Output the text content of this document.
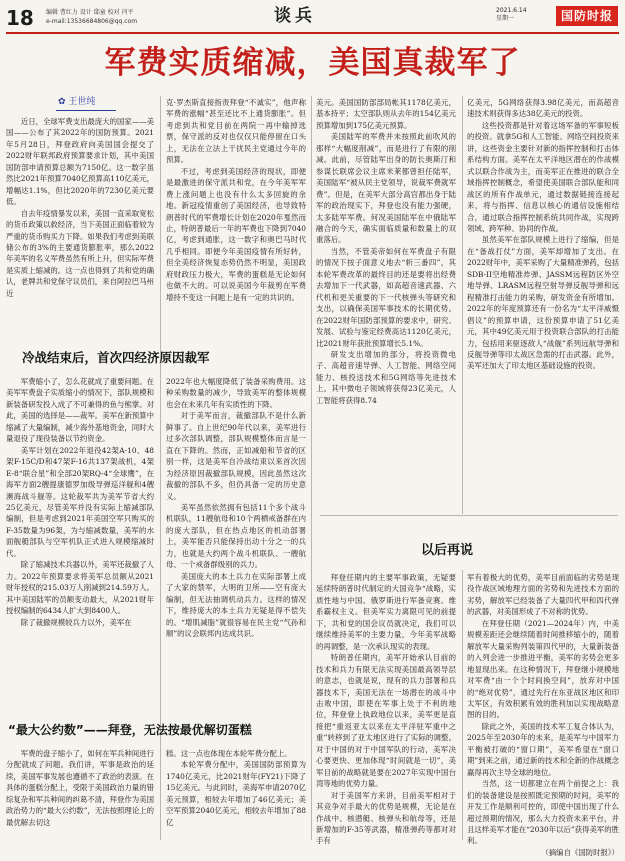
18 编辑 曹红力 设计 邸童 校对 闫平
e-mail:13536684806@qq.com	谈兵	2021.6.14
星期一	国防时报
军费实质缩减，美国真裁军了
✿ 王世纯

近日，全球军费支出最庞大的国家——美国——公布了其2022年的国防预算。2021年5月28日，拜登政府向美国国会提交了2022财年联邦政府预算要求计划，其中美国国防部申请预算总额为7150亿。这一数字虽然比2021年预算7040亿预算高110亿美元，增幅达1.1%，但比2020年的7230亿美元要低。

自去年疫情暴发以来，美国一直采取宽松的货币政策以救经济，当下美国正面临着较为严重的货币购买力下降。如果我们考虑到美联储公布的3%的主要通货膨胀率，那么2022年美军的名义军费虽然有所上升，但实际军费是实质上缩减的。这一点也得到了共和党的确认，老牌共和党保守议员们，来自阿拉巴马州近

克·罗杰斯直接指责拜登“不诚实”，他声称军费的涨幅“甚至还比不上通货膨胀”。但考虑到共和党目前在两院一再中输掉选票，保守派的反对也仅仅只能停留在口头上，无法在立法上干扰民主党通过今年的预算。

不过，考虑到美国经济的现状，即便是最激进的保守派共和党，在今年美军军费上涨问题上也没有什么太多回旋的余地。新冠疫情重创了美国经济，也导致特朗普时代的军费增长计划在2020年戛然而止，特朗普最后一年的军费也下降到7040亿，考虑到通胀，这一数字和奥巴马时代几乎相同。即便今年美国疫情有所好转，但全美经济恢复态势仍然不明显，美国政府财政压力极大，军费的蛋糕是无论如何也做不大的。可以说美国今年裁剪在军费增持不变这一问题上是有一定的共识的。

美元。美国国防部部局帐其1178亿美元，基本持平；太空部队则从去年的154亿美元预算增加到175亿美元预算。

美国陆军的军费并未按照此前吹风的那样“大幅度削减”，而是进行了有限的削减。此前，尽管陆军出身的防长奥斯汀和参谋长联席会议主席米莱都曾担任陆军，美国陆军“被从民主党领导，说裁军费就军费”。但是，在美军大部分高官都出身于陆军的政治现实下，拜登也没有能力强硬，太多陆军军费。何况美国陆军在中俄陆军融合的今天，确实面临质量和数量上的双重落后。

当然，不管美帝如何在军费盘子有限的情况下按子面意义地去“斩三番四”，其本轮军费改革的最终目的还是要将出经费去增加下一代武器，如高超音速武器、六代机和更关重要的下一代核弹头等研究和支出，以确保美国军事技术的长期优势。在2022财年国防部预算的要求中，研究、发展、试验与鉴定经费高达1120亿美元，比2021财年获批预算增长5.1%。

研发支出增加的部分，将投资微电子、高超音速导弹、人工智能、网络空间能力、核投送技术和5G网络等先进技术上。其中微电子领域将获得23亿美元，人工智能将获得8.74

亿美元，5G网络获得3.98亿美元，而高超音速技术则获得多达38亿美元的投资。

这些投资都是针对着这场军备的军事短板的投资。就拿5G和人工智能、网络空间投资来讲，这些资金主要针对新的指挥控制和打击体系结构方面。美军在太平洋地区潜在的作战模式以联合作战为主，而美军正在推进的联合全域指挥控制概念，希望使美国联合部队能和同战区的所有作战单元，通过数据链接连接起来，将与指挥、信息以核心的通信设施相结合，通过联合指挥控制系统共同作战，实现跨领域、跨军种、协同的作战。

虽然美军在部队规模上进行了缩编，但是在“备战打仗”方面，美军却增加了支出。在2022财年中，美军采购了大量精准弹药，包括SDB-II空地精准炸弹、JASSM远程防区外空地导弹、LRASM远程空射导弹反舰导弹和远程精准打击能力的采购，研发资金有所增加。2022年的年度预算还有一份名为“太平洋威慑倡议”的预算申请，这份预算申请了51亿美元，其中49亿美元用于投资联合部队的打击能力，包括用来驱逐敌人“战舰”系列远航导弹和反舰导弹等印太战区急需的打击武器。此外，美军还加大了印太地区基础设施的投资。

冷战结束后，首次四经济原因裁军

军费缩小了，怎么花就成了重要问题。在美军军费盘子实质缩小的情况下，部队规模和新装备研发投入成了不可兼得的鱼与熊掌。对此，美国的选择是——裁军。美军在新预算中缩减了大量编制，减少海外基地资金，同时大量退役了现役装备以节约资金。

美军计划在2022年退役42架A-10、48架F-15C/D和47架F-16共137架战机，4架E-8“联合星”和全部20架RQ-4“全球鹰”，在海军方面2艘提康德罗加级导弹巡洋舰和4艘濒海战斗舰等。这轮裁军共为美军节省大约25亿美元，尽管美军并没有实际上缩减部队编制，但是考虑到2021年美国空军只购买的F-35数量为96架，为与缩减数量，美军的水面舰艇部队与空军机队正式进入规模缩减时代。

除了缩减技术兵器以外，美军还裁撤了人力。2022年预算要求将美军总员额从2021财年授权的215.03万人削减到214.59万人。其中美国陆军的员额变动最大，从2021财年授权编制的6434人扩大到8400人。

除了裁撤规模较兵力以外，美军在

2022年也大幅度降低了装备采购费用。这种采购数量的减少，导致美军的整体规模也会在未来几年有实质性的下降。

对于美军而言，裁撤部队不是什么新鲜事了。自上世纪90年代以来，美军进行过多次部队调整，部队规模整体而言是一直在下降的。然而，正如减船和节省的区别一样，这是美军自冷战结束以来首次因为经济原因裁撤部队规模，因此虽然这次裁撤的部队不多，但仍具备一定的历史意义。

美军虽然依然拥有包括11个多个战斗机联队，11艘航母和10个两栖戒备群在内的庞大部队，但在热点地区的机动部署上，美军能否只能保持出动十分之一的兵力，也就是大约两个战斗机联队、一艘航母、一个戒备群级别的兵力。

美国庞大的本土兵力在实际部署上成了大家的禁军，大明的卫所——空有庞大编制，但无法抽调机动兵力。这样的情况下，维持庞大的本土兵力无疑是得不偿失的。“增肌减脂”就很容易在民主党“气孙和顺”的议会联邦内达成共识。

以后再说

拜登任期内的主要军事政策，无疑要延续特朗普时代制定的大国竞争“战略，实质性地与中国、俄罗斯进行军备竞赛。维系霸权主义。但美军实力离限可见的前提下，共和党的国会议员就决定，我们可以继续维持美军的主要力量，今年美军战略的再调整，是一次承认现实的表现。

特朗普任期内，美军开始承认目前的技术和兵力有限无法实现美国最高领导层的意志，也就是说，现有的兵力部署和兵器技术下，美国无法在一场潜在的战斗中击败中国，即使在军事上处于不利的地位，拜登登上执政地位以来，美军更是直接把“重返亚太以来在太平洋驻军重中之重”转移到了亚太地区进行了实际的调整。对于中国的对于中国军队的行动，美军决心要更快、更加体现“时间就是一切”，美军目前的战略就是要在2027年实现中国台湾等地的优势力量。

对于美国军方来讲，目前美军相对于其竞争对手最大的优势是规模，无论是在作战中、核潜艇、核弹头和航母等，还是新增加的F-35等武器，精准弹药等都对对手有

军有着极大的优势，美军目前面临的劣势是现役作战区域地理方面的劣势和先进技术方面的劣势，解放军已经装备了大量四代甲和四代弹的武器，对美国形成了不对称的优势。

在拜登任期（2021—2024年）内，中美规模差距还会继续随着时间推移缩小的，随着解放军大量采购列装第四代甲的，大量新装备的入列会进一步推进平衡，美军的劣势会更多地显现出来。在这种情况下，拜登继小规模地对军费“由一个个时间换空间”，放弃对中国的“绝对优势”，通过先行在东亚战区地区和印太军区，有效积累有效的胜利加以实现战略意图的目的。

除此之外，美国的技术军工复合体认为，2025年至2030年的未来，是美军与中国军力平衡被打破的“窗口期”，美军希望在“窗口期”到来之前，通过新的技术和全新的作战概念赢得再次主导全球的地位。

当然，这一切都建立在两个前提之上：我们的装备建设是按照既定预期的时间，美军的开发工作是顺利可控的，即使中国出现了什么超过预期的情况，那么大力投资未来平台，并且这样美军才能在“2030年以后”获得美军的胜利。

（摘编自《国防时报》）

“最大公约数”——拜登，无法按最优解切蛋糕

军费的盘子缩小了，如何在军兵种间进行分配就成了问题。我们讲，军事是政治的延续，美国军事发展也遵循不了政治的表演。在具体的蛋糕分配上，受限于美国政治力量的错综复杂和军兵种间的纠葛不清，拜登作为美国政治势力的“最大公约数”，无法按照理论上的最优解去切这

糕。这一点也体现在本轮军费分配上。

本轮军费分配中，美国国防部预算为1740亿美元，比2021财年(FY21)下降了15亿美元。与此同时，美海军申请2070亿美元预算，相较去年增加了46亿美元；美空军预算2040亿美元，相较去年增加了88亿
